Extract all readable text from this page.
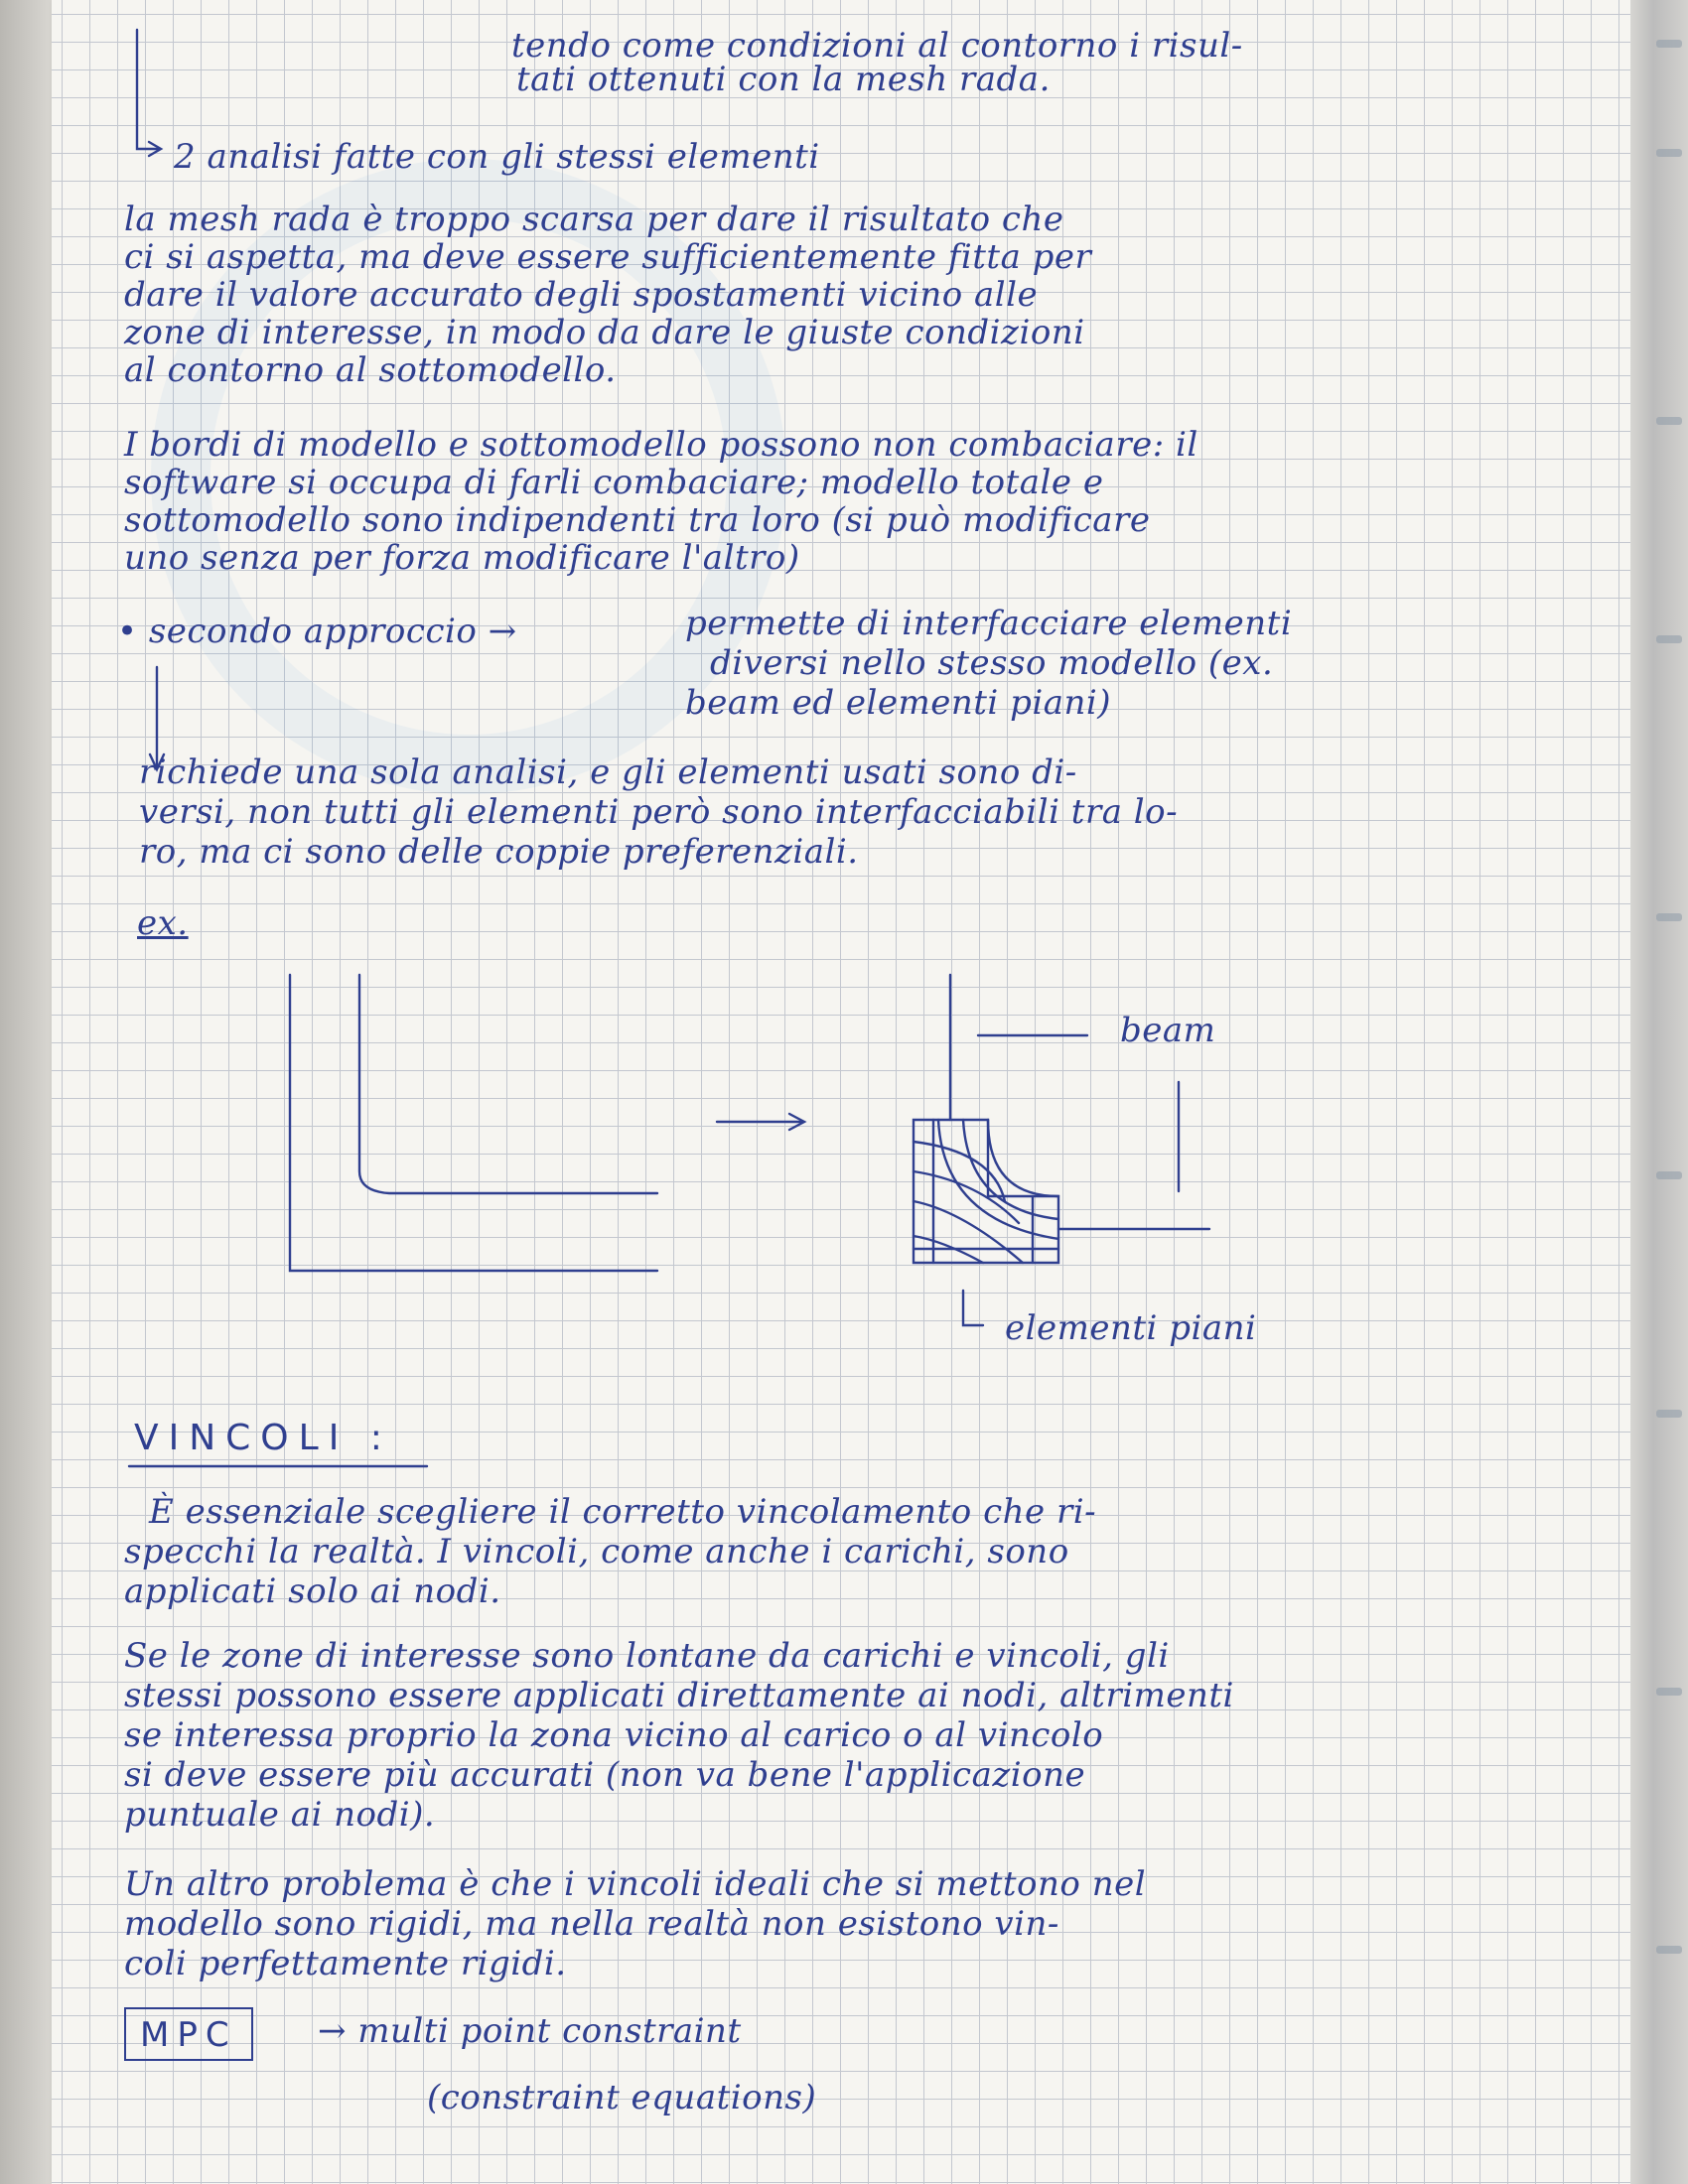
tendo come condizioni al contorno i risul-
tati ottenuti con la mesh rada.
2 analisi fatte con gli stessi elementi
la mesh rada è troppo scarsa per dare il risultato che
ci si aspetta, ma deve essere sufficientemente fitta per
dare il valore accurato degli spostamenti vicino alle
zone di interesse, in modo da dare le giuste condizioni
al contorno al sottomodello.
I bordi di modello e sottomodello possono non combaciare: il
software si occupa di farli combaciare; modello totale e
sottomodello sono indipendenti tra loro (si può modificare
uno senza per forza modificare l'altro)
• secondo approccio →	permette di interfacciare elementi
diversi nello stesso modello (ex.
beam ed elementi piani)
richiede una sola analisi, e gli elementi usati sono di-
versi, non tutti gli elementi però sono interfacciabili tra lo-
ro, ma ci sono delle coppie preferenziali.
ex.
beam
elementi piani
VINCOLI :
È essenziale scegliere il corretto vincolamento che ri-
specchi la realtà. I vincoli, come anche i carichi, sono
applicati solo ai nodi.
Se le zone di interesse sono lontane da carichi e vincoli, gli
stessi possono essere applicati direttamente ai nodi, altrimenti
se interessa proprio la zona vicino al carico o al vincolo
si deve essere più accurati (non va bene l'applicazione
puntuale ai nodi).
Un altro problema è che i vincoli ideali che si mettono nel
modello sono rigidi, ma nella realtà non esistono vin-
coli perfettamente rigidi.
MPC	→ multi point constraint
(constraint equations)
